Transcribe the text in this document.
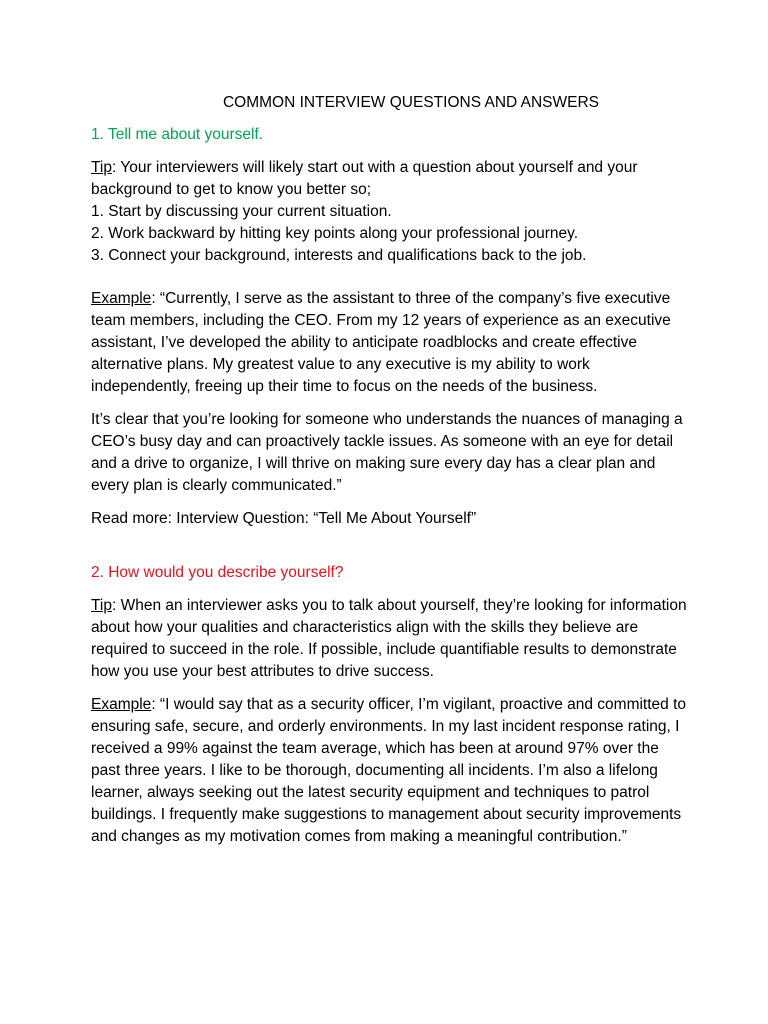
COMMON INTERVIEW QUESTIONS AND ANSWERS
1. Tell me about yourself.

Tip: Your interviewers will likely start out with a question about yourself and your background to get to know you better so;

1. Start by discussing your current situation.
2. Work backward by hitting key points along your professional journey.
3. Connect your background, interests and qualifications back to the job.

Example: “Currently, I serve as the assistant to three of the company’s five executive team members, including the CEO. From my 12 years of experience as an executive assistant, I’ve developed the ability to anticipate roadblocks and create effective alternative plans. My greatest value to any executive is my ability to work independently, freeing up their time to focus on the needs of the business.

It’s clear that you’re looking for someone who understands the nuances of managing a CEO’s busy day and can proactively tackle issues. As someone with an eye for detail and a drive to organize, I will thrive on making sure every day has a clear plan and every plan is clearly communicated.”

Read more: Interview Question: “Tell Me About Yourself”

2. How would you describe yourself?

Tip: When an interviewer asks you to talk about yourself, they’re looking for information about how your qualities and characteristics align with the skills they believe are required to succeed in the role. If possible, include quantifiable results to demonstrate how you use your best attributes to drive success.

Example: “I would say that as a security officer, I’m vigilant, proactive and committed to ensuring safe, secure, and orderly environments. In my last incident response rating, I received a 99% against the team average, which has been at around 97% over the past three years. I like to be thorough, documenting all incidents. I’m also a lifelong learner, always seeking out the latest security equipment and techniques to patrol buildings. I frequently make suggestions to management about security improvements and changes as my motivation comes from making a meaningful contribution.”
